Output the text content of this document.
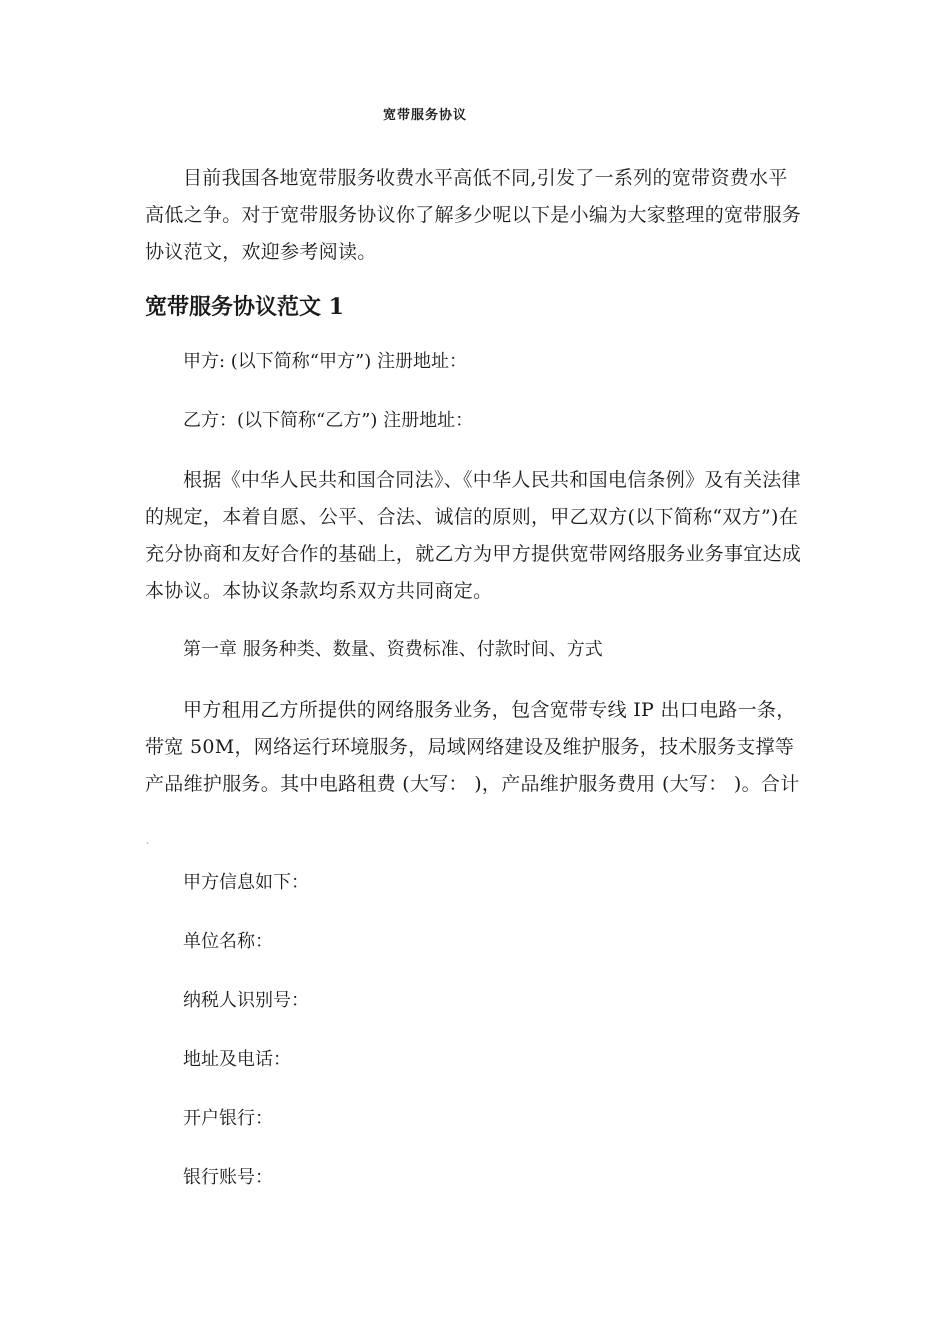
宽带服务协议

目前我国各地宽带服务收费水平高低不同,引发了一系列的宽带资费水平高低之争。对于宽带服务协议你了解多少呢以下是小编为大家整理的宽带服务协议范文，欢迎参考阅读。

宽带服务协议范文 1

甲方: (以下简称“甲方”) 注册地址：

乙方：(以下简称“乙方”) 注册地址：

根据《中华人民共和国合同法》、《中华人民共和国电信条例》及有关法律的规定，本着自愿、公平、合法、诚信的原则，甲乙双方(以下简称“双方”)在充分协商和友好合作的基础上，就乙方为甲方提供宽带网络服务业务事宜达成本协议。本协议条款均系双方共同商定。

第一章 服务种类、数量、资费标准、付款时间、方式

甲方租用乙方所提供的网络服务业务，包含宽带专线 IP 出口电路一条，带宽 50M，网络运行环境服务，局域网络建设及维护服务，技术服务支撑等产品维护服务。其中电路租费 (大写： )，产品维护服务费用 (大写： )。合计

`

甲方信息如下：

单位名称：

纳税人识别号：

地址及电话：

开户银行：

银行账号：
